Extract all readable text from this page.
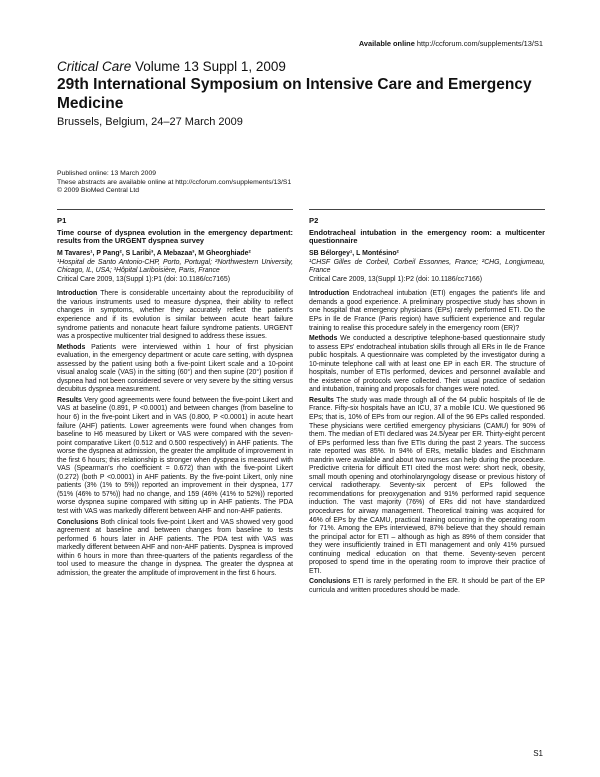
Available online http://ccforum.com/supplements/13/S1
Critical Care Volume 13 Suppl 1, 2009
29th International Symposium on Intensive Care and Emergency Medicine
Brussels, Belgium, 24–27 March 2009
Published online: 13 March 2009
These abstracts are available online at http://ccforum.com/supplements/13/S1
© 2009 BioMed Central Ltd

P1

Time course of dyspnea evolution in the emergency department: results from the URGENT dyspnea survey

M Tavares¹, P Pang², S Laribi³, A Mebazaa³, M Gheorghiade²

¹Hospital de Santo Antonio-CHP, Porto, Portugal; ²Northwestern University, Chicago, IL, USA; ³Hôpital Lariboisière, Paris, France

Critical Care 2009, 13(Suppl 1):P1 (doi: 10.1186/cc7165)

Introduction There is considerable uncertainty about the reproducibility of the various instruments used to measure dyspnea, their ability to reflect changes in symptoms, whether they accurately reflect the patient's experience and if its evolution is similar between acute heart failure syndrome patients and nonacute heart failure syndrome patients. URGENT was a prospective multicenter trial designed to address these issues.

Methods Patients were interviewed within 1 hour of first physician evaluation, in the emergency department or acute care setting, with dyspnea assessed by the patient using both a five-point Likert scale and a 10-point visual analog scale (VAS) in the sitting (60°) and then supine (20°) position if dyspnea had not been considered severe or very severe by the sitting versus decubitus dyspnea measurement.

Results Very good agreements were found between the five-point Likert and VAS at baseline (0.891, P <0.0001) and between changes (from baseline to hour 6) in the five-point Likert and in VAS (0.800, P <0.0001) in acute heart failure (AHF) patients. Lower agreements were found when changes from baseline to H6 measured by Likert or VAS were compared with the seven-point comparative Likert (0.512 and 0.500 respectively) in AHF patients. The worse the dyspnea at admission, the greater the amplitude of improvement in the first 6 hours; this relationship is stronger when dyspnea is measured with VAS (Spearman's rho coefficient = 0.672) than with the five-point Likert (0.272) (both P <0.0001) in AHF patients. By the five-point Likert, only nine patients (3% (1% to 5%)) reported an improvement in their dyspnea, 177 (51% (46% to 57%)) had no change, and 159 (46% (41% to 52%)) reported worse dyspnea supine compared with sitting up in AHF patients. The PDA test with VAS was markedly different between AHF and non-AHF patients.

Conclusions Both clinical tools five-point Likert and VAS showed very good agreement at baseline and between changes from baseline to tests performed 6 hours later in AHF patients. The PDA test with VAS was markedly different between AHF and non-AHF patients. Dyspnea is improved within 6 hours in more than three-quarters of the patients regardless of the tool used to measure the change in dyspnea. The greater the dyspnea at admission, the greater the amplitude of improvement in the first 6 hours.

P2

Endotracheal intubation in the emergency room: a multicenter questionnaire

SB Bélorgey¹, L Montésino²

¹CHSF Gilles de Corbeil, Corbeil Essonnes, France; ²CHG, Longjumeau, France

Critical Care 2009, 13(Suppl 1):P2 (doi: 10.1186/cc7166)

Introduction Endotracheal intubation (ETI) engages the patient's life and demands a good experience. A preliminary prospective study has shown in one hospital that emergency physicians (EPs) rarely performed ETI. Do the EPs in Ile de France (Paris region) have sufficient experience and regular training to realise this procedure safely in the emergency room (ER)?

Methods We conducted a descriptive telephone-based questionnaire study to assess EPs' endotracheal intubation skills through all ERs in Ile de France public hospitals. A questionnaire was completed by the investigator during a 10-minute telephone call with at least one EP in each ER. The structure of hospitals, number of ETIs performed, devices and personnel available and the existence of protocols were collected. Their usual practice of sedation and intubation, training and proposals for changes were noted.

Results The study was made through all of the 64 public hospitals of Ile de France. Fifty-six hospitals have an ICU, 37 a mobile ICU. We questioned 96 EPs; that is, 10% of EPs from our region. All of the 96 EPs called responded. These physicians were certified emergency physicians (CAMU) for 90% of them. The median of ETI declared was 24.5/year per ER. Thirty-eight percent of EPs performed less than five ETIs during the past 2 years. The success rate reported was 85%. In 94% of ERs, metallic blades and Eischmann mandrin were available and about two nurses can help during the procedure. Predictive criteria for difficult ETI cited the most were: short neck, obesity, small mouth opening and otorhinolaryngology disease or previous history of cervical radiotherapy. Seventy-six percent of EPs followed the recommendations for preoxygenation and 91% performed rapid sequence induction. The vast majority (76%) of ERs did not have standardized procedures for airway management. Theoretical training was acquired for 46% of EPs by the CAMU, practical training occurring in the operating room for 71%. Among the EPs interviewed, 87% believe that they should remain the principal actor for ETI – although as high as 89% of them consider that they were insufficiently trained in ETI management and only 41% pursued continuing medical education on that theme. Seventy-seven percent proposed to spend time in the operating room to improve their practice of ETI.

Conclusions ETI is rarely performed in the ER. It should be part of the EP curricula and written procedures should be made.

S1
